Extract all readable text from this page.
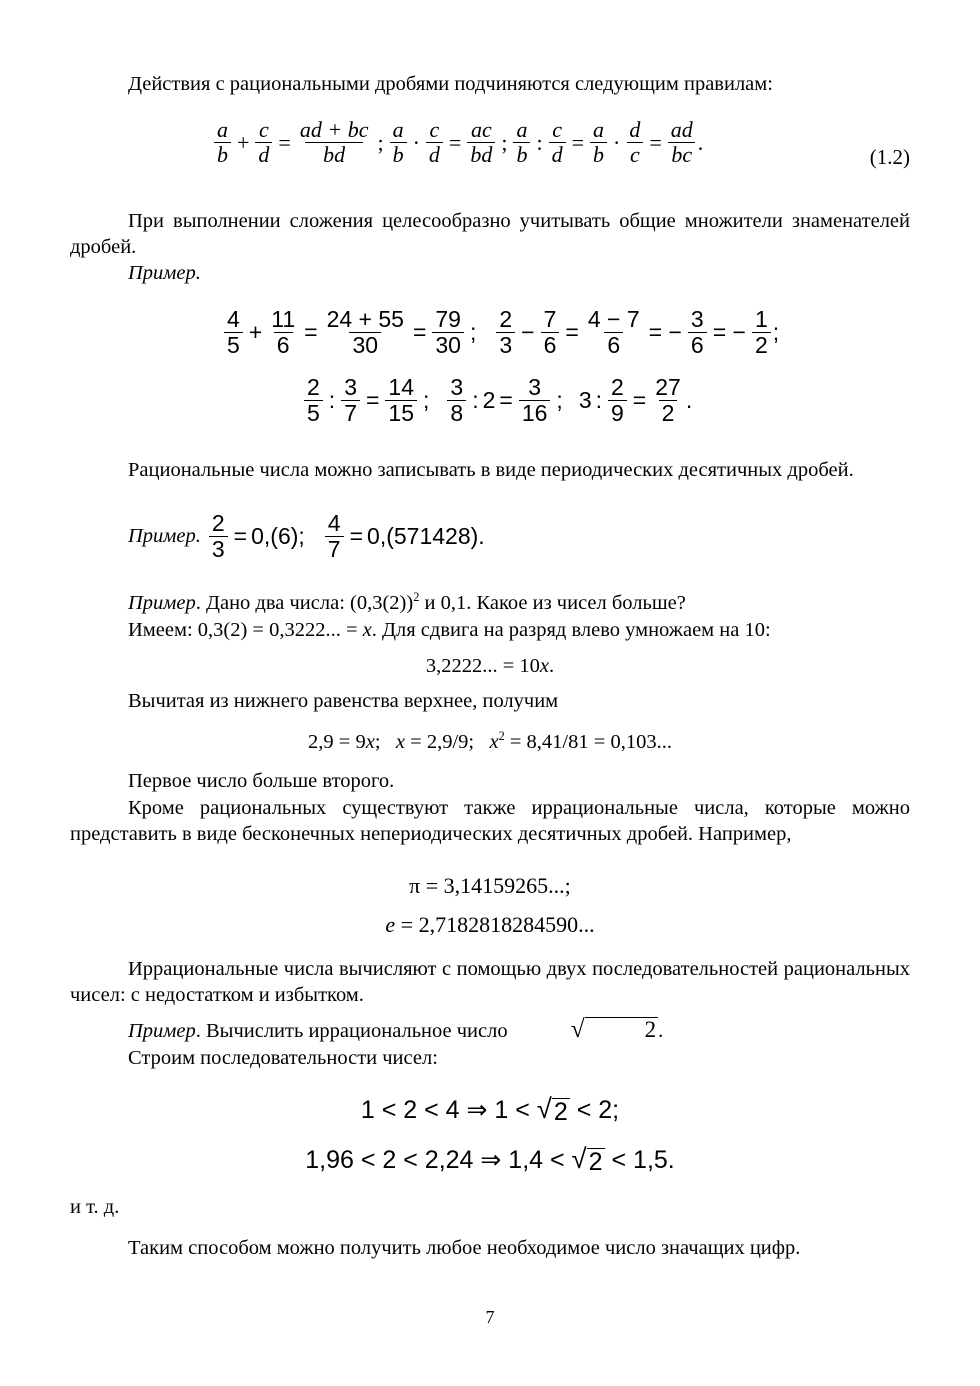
Действия с рациональными дробями подчиняются следующим правилам:

$\frac{a}{b} + \frac{c}{d} = \frac{ad + bc}{bd}$ ; $\frac{a}{b} \cdot \frac{c}{d} = \frac{ac}{bd}$ ; $\frac{a}{b}$ : $\frac{c}{d} = \frac{a}{b} \cdot \frac{d}{c} = \frac{ad}{bc}$ .
(1.2)

При выполнении сложения целесообразно учитывать общие множители знаменателей дробей.

Пример.

$\frac{4}{5} + \frac{11}{6} = \frac{24 + 55}{30} = \frac{79}{30}$ ; $\frac{2}{3} - \frac{7}{6} = \frac{4 - 7}{6}$ = − $\frac{3}{6}$ = − $\frac{1}{2}$ ;
$\frac{2}{5}$ : $\frac{3}{7} = \frac{14}{15}$ ; $\frac{3}{8}$ : $2 = \frac{3}{16}$ ; 3 : $\frac{2}{9} = \frac{27}{2}$ .

Рациональные числа можно записывать в виде периодических десятичных дробей.

Пример. $\frac{2}{3} = 0,(6)$; $\frac{4}{7} = 0,(571428)$.

Пример. Дано два числа: $(0,3(2))^2$ и 0,1. Какое из чисел больше?

Имеем: 0,3(2) = 0,3222... = x. Для сдвига на разряд влево умножаем на 10:

3,2222... = 10x.

Вычитая из нижнего равенства верхнее, получим

2,9 = 9x;   x = 2,9/9;   $x^2 = 8,41/81 = 0,103$...

Первое число больше второго.

Кроме рациональных существуют также иррациональные числа, которые можно представить в виде бесконечных непериодических десятичных дробей. Например,

π = 3,14159265...;

e = 2,7182818284590...

Иррациональные числа вычисляют с помощью двух последовательностей рациональных чисел: с недостатком и избытком.

Пример. Вычислить иррациональное число	√	2 .

Строим последовательности чисел:

1 < 2 < 4 ⇒ 1 < √ 2 < 2;

1,96 < 2 < 2,24 ⇒ 1,4 < √ 2 < 1,5.

и т. д.

Таким способом можно получить любое необходимое число значащих цифр.

7
